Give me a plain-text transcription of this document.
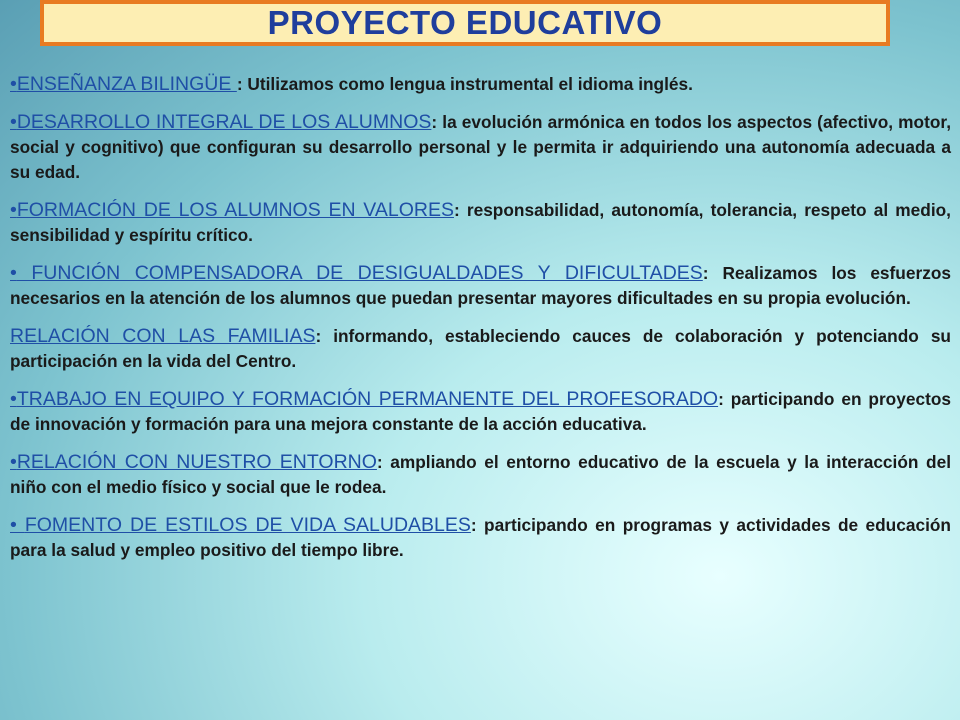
PROYECTO EDUCATIVO

•ENSEÑANZA BILINGÜE : Utilizamos como lengua instrumental el idioma inglés.

•DESARROLLO INTEGRAL DE LOS ALUMNOS: la evolución armónica en todos los aspectos (afectivo, motor, social y cognitivo) que configuran su desarrollo personal y le permita ir adquiriendo una autonomía adecuada a su edad.

•FORMACIÓN DE LOS ALUMNOS EN VALORES: responsabilidad, autonomía, tolerancia, respeto al medio, sensibilidad y espíritu crítico.

• FUNCIÓN COMPENSADORA DE DESIGUALDADES Y DIFICULTADES: Realizamos los esfuerzos necesarios en la atención de los alumnos que puedan presentar mayores dificultades en su propia evolución.

RELACIÓN CON LAS FAMILIAS: informando, estableciendo cauces de colaboración y potenciando su participación en la vida del Centro.

•TRABAJO EN EQUIPO Y FORMACIÓN PERMANENTE DEL PROFESORADO: participando en proyectos de innovación y formación para una mejora constante de la acción educativa.

•RELACIÓN CON NUESTRO ENTORNO: ampliando el entorno educativo de la escuela y la interacción del niño con el medio físico y social que le rodea.

• FOMENTO DE ESTILOS DE VIDA SALUDABLES: participando en programas y actividades de educación para la salud y empleo positivo del tiempo libre.
